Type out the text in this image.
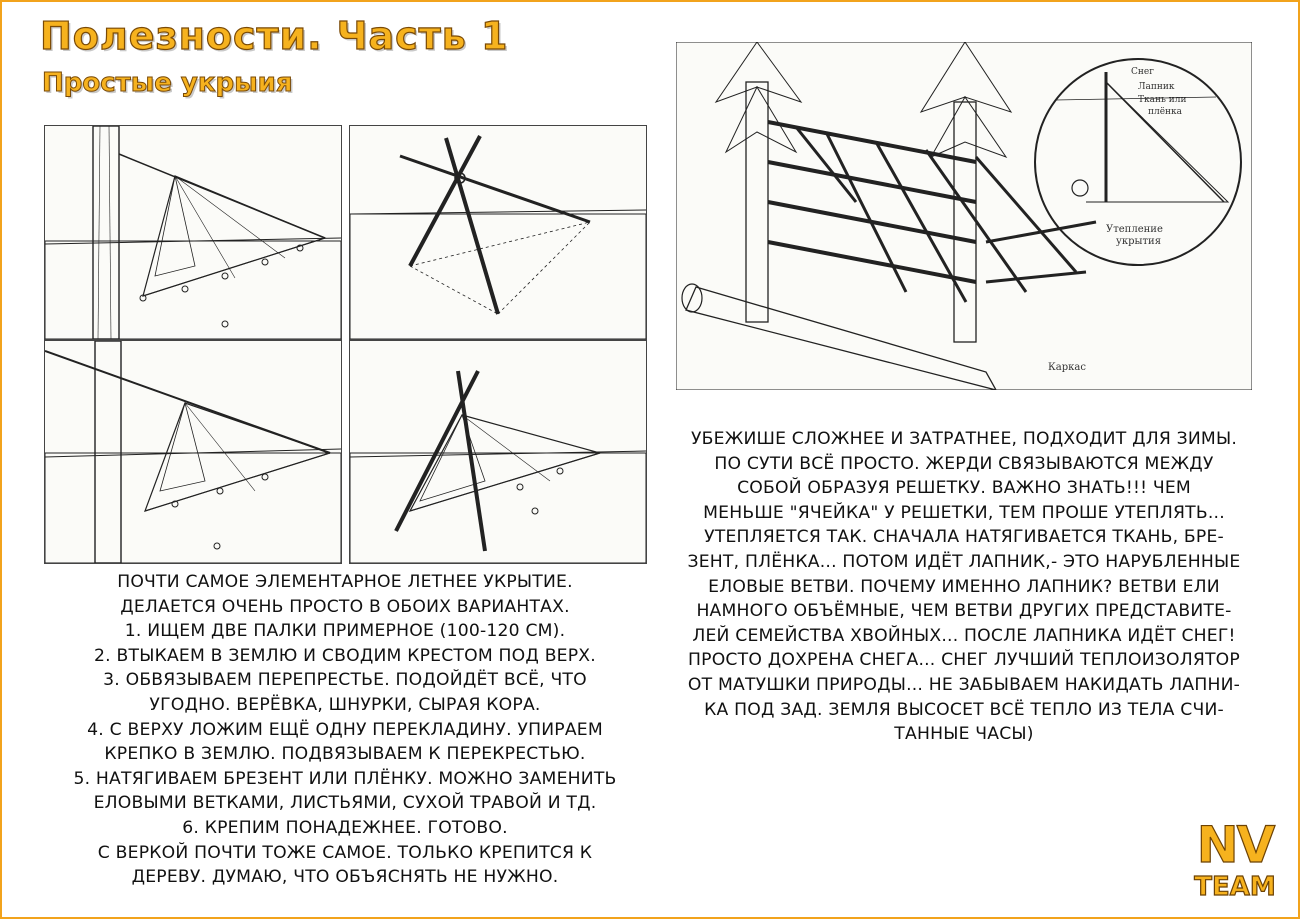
Полезности. Часть 1
Простые укрыия	Снег
Лапник
Ткань или
плёнка
Утепление
укрытия
Каркас
ПОЧТИ САМОЕ ЭЛЕМЕНТАРНОЕ ЛЕТНЕЕ УКРЫТИЕ.
ДЕЛАЕТСЯ ОЧЕНЬ ПРОСТО В ОБОИХ ВАРИАНТАХ.
1. ИЩЕМ ДВЕ ПАЛКИ ПРИМЕРНОЕ (100-120 СМ).
2. ВТЫКАЕМ В ЗЕМЛЮ И СВОДИМ КРЕСТОМ ПОД ВЕРХ.
3. ОБВЯЗЫВАЕМ ПЕРЕПРЕСТЬЕ. ПОДОЙДЁТ ВСЁ, ЧТО
УГОДНО. ВЕРЁВКА, ШНУРКИ, СЫРАЯ КОРА.
4. С ВЕРХУ ЛОЖИМ ЕЩЁ ОДНУ ПЕРЕКЛАДИНУ. УПИРАЕМ
КРЕПКО В ЗЕМЛЮ. ПОДВЯЗЫВАЕМ К ПЕРЕКРЕСТЬЮ.
5. НАТЯГИВАЕМ БРЕЗЕНТ ИЛИ ПЛЁНКУ. МОЖНО ЗАМЕНИТЬ
ЕЛОВЫМИ ВЕТКАМИ, ЛИСТЬЯМИ, СУХОЙ ТРАВОЙ И ТД.
6. КРЕПИМ ПОНАДЕЖНЕЕ. ГОТОВО.
С ВЕРКОЙ ПОЧТИ ТОЖЕ САМОЕ. ТОЛЬКО КРЕПИТСЯ К
ДЕРЕВУ. ДУМАЮ, ЧТО ОБЪЯСНЯТЬ НЕ НУЖНО.
УБЕЖИШЕ СЛОЖНЕЕ И ЗАТРАТНЕЕ, ПОДХОДИТ ДЛЯ ЗИМЫ.
ПО СУТИ ВСЁ ПРОСТО. ЖЕРДИ СВЯЗЫВАЮТСЯ МЕЖДУ
СОБОЙ ОБРАЗУЯ РЕШЕТКУ. ВАЖНО ЗНАТЬ!!! ЧЕМ
МЕНЬШЕ "ЯЧЕЙКА" У РЕШЕТКИ, ТЕМ ПРОШЕ УТЕПЛЯТЬ...
УТЕПЛЯЕТСЯ ТАК. СНАЧАЛА НАТЯГИВАЕТСЯ ТКАНЬ, БРЕ-
ЗЕНТ, ПЛЁНКА... ПОТОМ ИДЁТ ЛАПНИК,- ЭТО НАРУБЛЕННЫЕ
ЕЛОВЫЕ ВЕТВИ. ПОЧЕМУ ИМЕННО ЛАПНИК? ВЕТВИ ЕЛИ
НАМНОГО ОБЪЁМНЫЕ, ЧЕМ ВЕТВИ ДРУГИХ ПРЕДСТАВИТЕ-
ЛЕЙ СЕМЕЙСТВА ХВОЙНЫХ... ПОСЛЕ ЛАПНИКА ИДЁТ СНЕГ!
ПРОСТО ДОХРЕНА СНЕГА... СНЕГ ЛУЧШИЙ ТЕПЛОИЗОЛЯТОР
ОТ МАТУШКИ ПРИРОДЫ... НЕ ЗАБЫВАЕМ НАКИДАТЬ ЛАПНИ-
КА ПОД ЗАД. ЗЕМЛЯ ВЫСОСЕТ ВСЁ ТЕПЛО ИЗ ТЕЛА СЧИ-
ТАННЫЕ ЧАСЫ)
NV
TEAM
